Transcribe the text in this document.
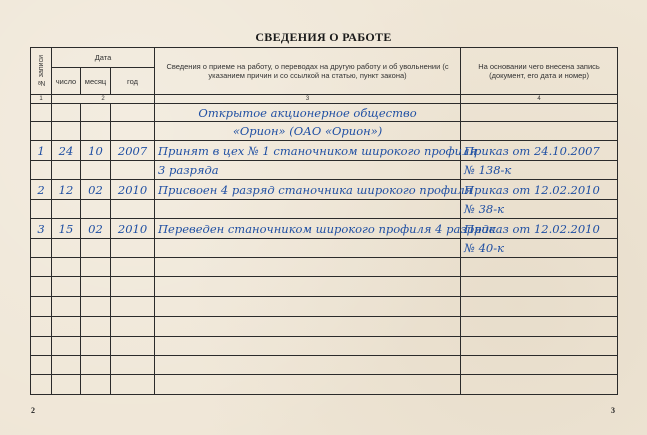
СВЕДЕНИЯ О РАБОТЕ
№ записи	Дата			Сведения о приеме на работу, о переводах на другую работу и об увольнении (с указанием причин и со ссылкой на статью, пункт закона)	На основании чего внесена запись (документ, его дата и номер)
	число	месяц	год		
1	2			3	4
				Открытое акционерное общество	
				«Орион» (ОАО «Орион»)	
1	24	10	2007	Принят в цех № 1 станочником широкого профиля	Приказ от 24.10.2007
				3 разряда	№ 138-к
2	12	02	2010	Присвоен 4 разряд станочника широкого профиля	Приказ от 12.02.2010
					№ 38-к
3	15	02	2010	Переведен станочником широкого профиля 4 разряда	Приказ от 12.02.2010
					№ 40-к

2	3
